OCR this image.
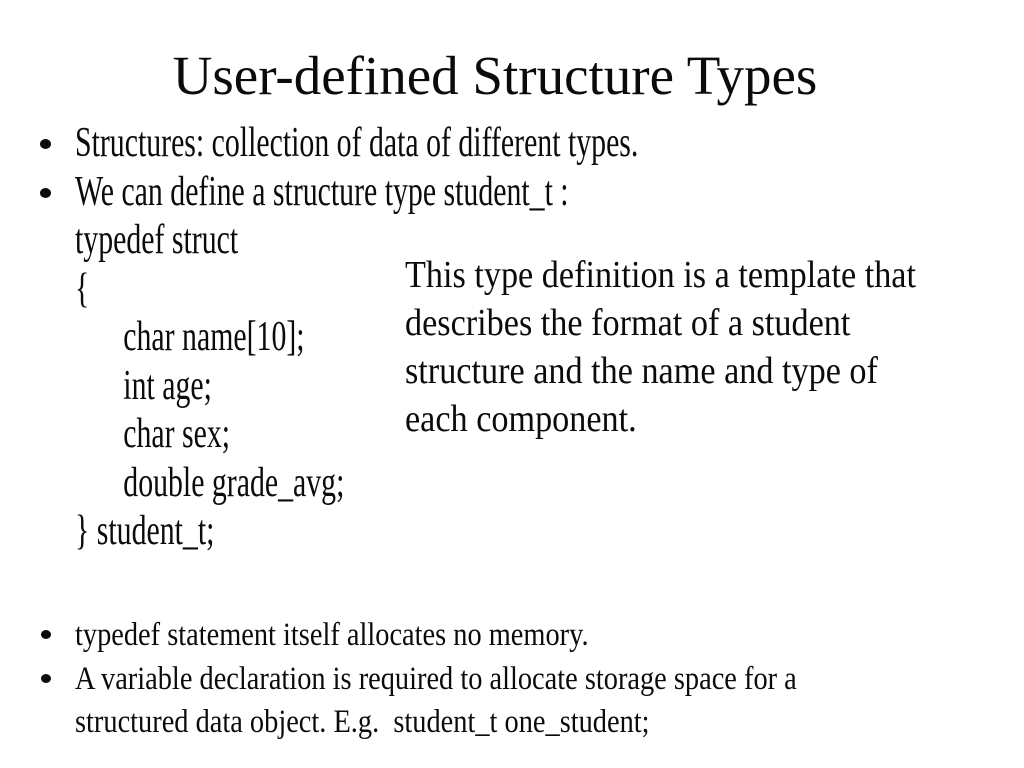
User-defined Structure Types
Structures: collection of data of different types.
We can define a structure type student_t :
typedef struct
{
char name[10];
int age;
char sex;
double grade_avg;
} student_t;
This type definition is a template that
describes the format of a student
structure and the name and type of
each component.
typedef statement itself allocates no memory.
A variable declaration is required to allocate storage space for a
structured data object. E.g.  student_t one_student;
